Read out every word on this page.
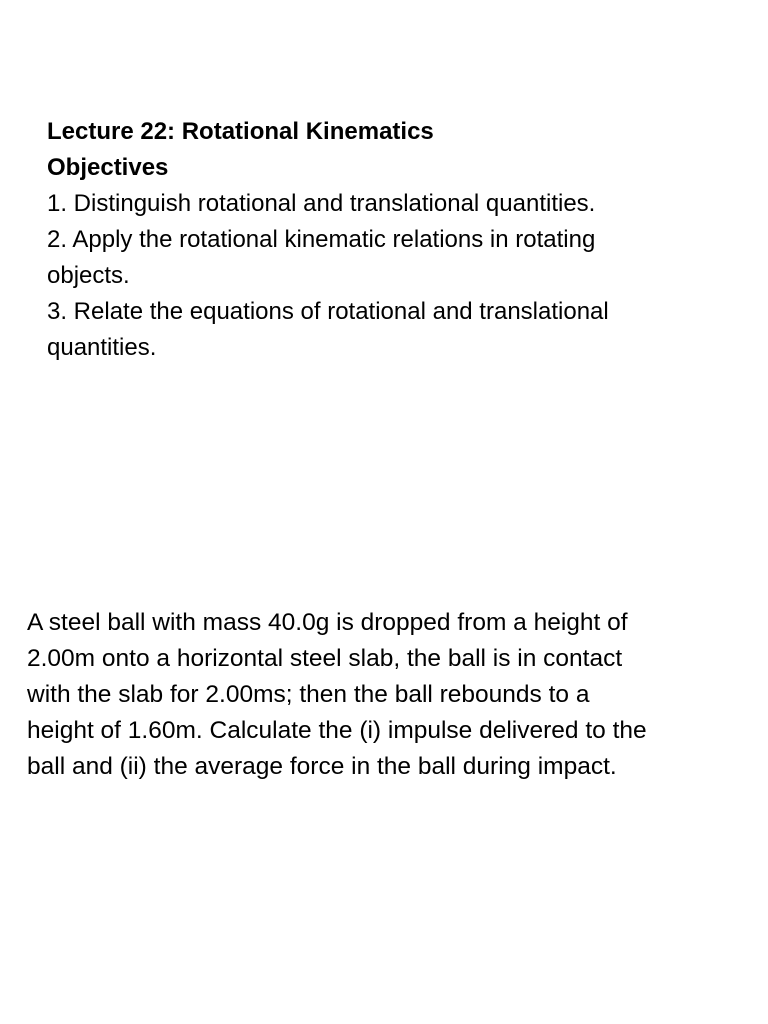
Lecture 22: Rotational Kinematics
Objectives
1. Distinguish rotational and translational quantities.
2. Apply the rotational kinematic relations in rotating
objects.
3. Relate the equations of rotational and translational
quantities.

A steel ball with mass 40.0g is dropped from a height of
2.00m onto a horizontal steel slab, the ball is in contact
with the slab for 2.00ms; then the ball rebounds to a
height of 1.60m. Calculate the (i) impulse delivered to the
ball and (ii) the average force in the ball during impact.
